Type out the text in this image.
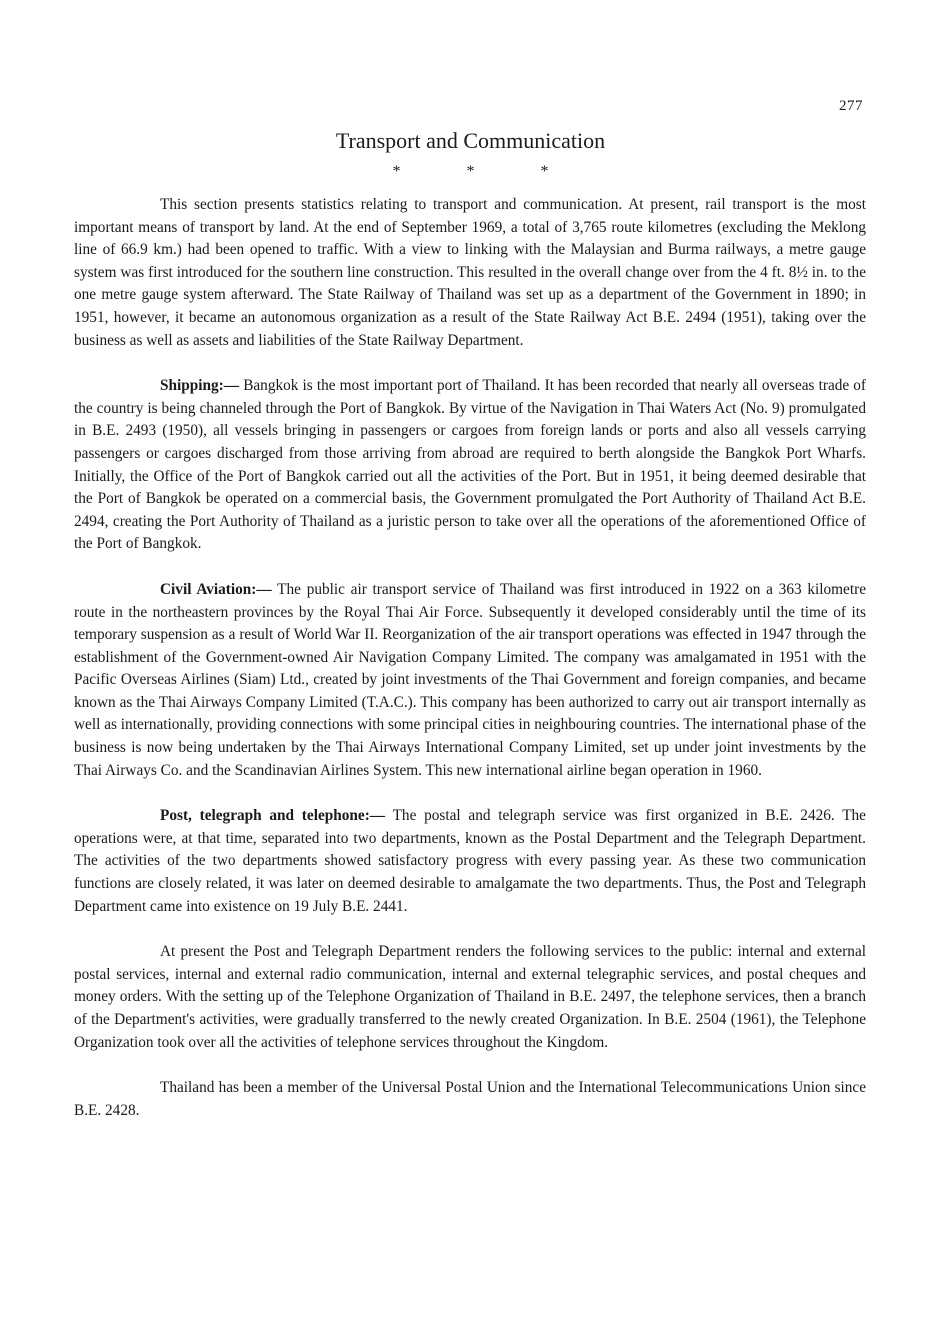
277
Transport and Communication
*	*	*

This section presents statistics relating to transport and communication. At present, rail transport is the most important means of transport by land. At the end of September 1969, a total of 3,765 route kilometres (excluding the Meklong line of 66.9 km.) had been opened to traffic. With a view to linking with the Malaysian and Burma railways, a metre gauge system was first introduced for the southern line construction. This resulted in the overall change over from the 4 ft. 8½ in. to the one metre gauge system afterward. The State Railway of Thailand was set up as a department of the Government in 1890; in 1951, however, it became an autonomous organization as a result of the State Railway Act B.E. 2494 (1951), taking over the business as well as assets and liabilities of the State Railway Department.

Shipping:— Bangkok is the most important port of Thailand. It has been recorded that nearly all overseas trade of the country is being channeled through the Port of Bangkok. By virtue of the Navigation in Thai Waters Act (No. 9) promulgated in B.E. 2493 (1950), all vessels bringing in passengers or cargoes from foreign lands or ports and also all vessels carrying passengers or cargoes discharged from those arriving from abroad are required to berth alongside the Bangkok Port Wharfs. Initially, the Office of the Port of Bangkok carried out all the activities of the Port. But in 1951, it being deemed desirable that the Port of Bangkok be operated on a commercial basis, the Government promulgated the Port Authority of Thailand Act B.E. 2494, creating the Port Authority of Thailand as a juristic person to take over all the operations of the aforementioned Office of the Port of Bangkok.

Civil Aviation:— The public air transport service of Thailand was first introduced in 1922 on a 363 kilometre route in the northeastern provinces by the Royal Thai Air Force. Subsequently it developed considerably until the time of its temporary suspension as a result of World War II. Reorganization of the air transport operations was effected in 1947 through the establishment of the Government-owned Air Navigation Company Limited. The company was amalgamated in 1951 with the Pacific Overseas Airlines (Siam) Ltd., created by joint investments of the Thai Government and foreign companies, and became known as the Thai Airways Company Limited (T.A.C.). This company has been authorized to carry out air transport internally as well as internationally, providing connections with some principal cities in neighbouring countries. The international phase of the business is now being undertaken by the Thai Airways International Company Limited, set up under joint investments by the Thai Airways Co. and the Scandinavian Airlines System. This new international airline began operation in 1960.

Post, telegraph and telephone:— The postal and telegraph service was first organized in B.E. 2426. The operations were, at that time, separated into two departments, known as the Postal Department and the Telegraph Department. The activities of the two departments showed satisfactory progress with every passing year. As these two communication functions are closely related, it was later on deemed desirable to amalgamate the two departments. Thus, the Post and Telegraph Department came into existence on 19 July B.E. 2441.

At present the Post and Telegraph Department renders the following services to the public: internal and external postal services, internal and external radio communication, internal and external telegraphic services, and postal cheques and money orders. With the setting up of the Telephone Organization of Thailand in B.E. 2497, the telephone services, then a branch of the Department's activities, were gradually transferred to the newly created Organization. In B.E. 2504 (1961), the Telephone Organization took over all the activities of telephone services throughout the Kingdom.

Thailand has been a member of the Universal Postal Union and the International Telecommunications Union since B.E. 2428.
